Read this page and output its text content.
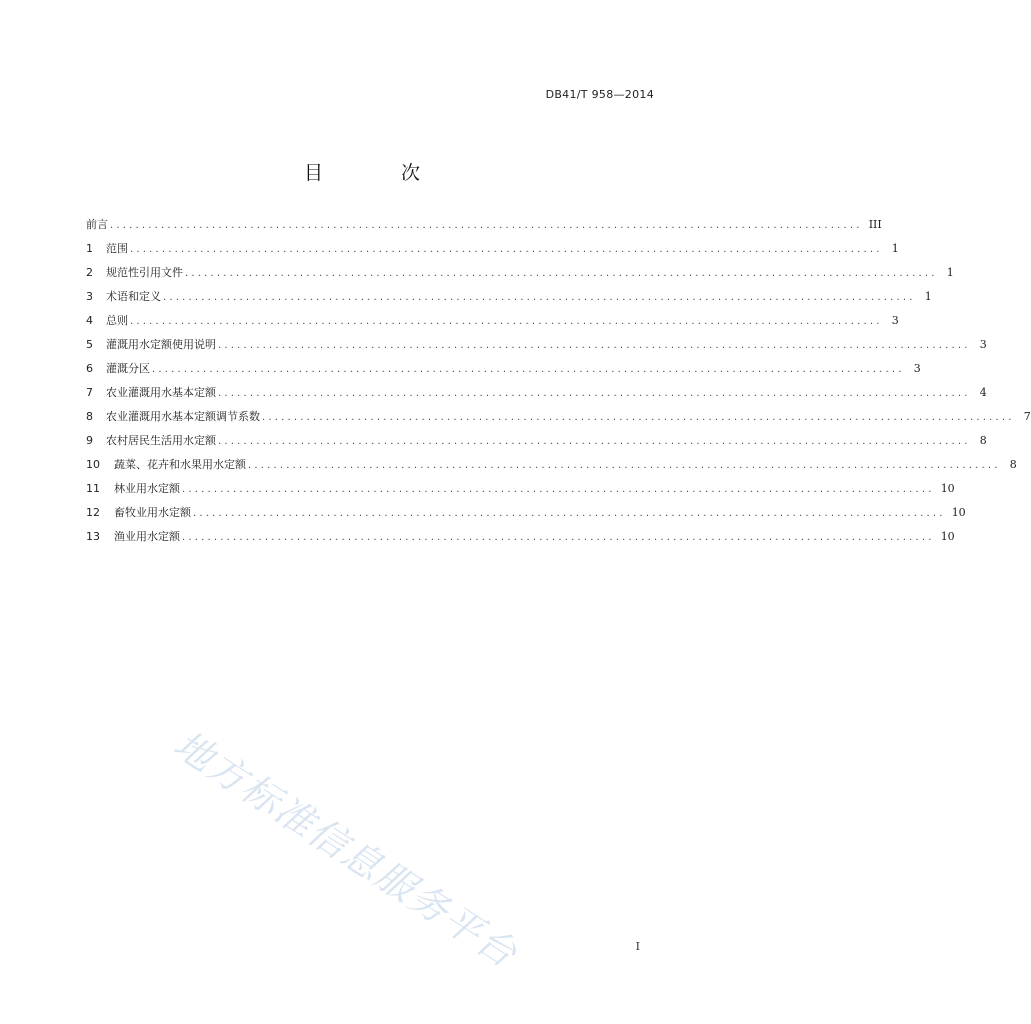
DB41/T 958—2014
目 次
前言 ...................................................................................................................... III
1	范围 ...................................................................................................................... 1
2	规范性引用文件 ...................................................................................................................... 1
3	术语和定义 ...................................................................................................................... 1
4	总则 ...................................................................................................................... 3
5	灌溉用水定额使用说明 ...................................................................................................................... 3
6	灌溉分区 ...................................................................................................................... 3
7	农业灌溉用水基本定额 ...................................................................................................................... 4
8	农业灌溉用水基本定额调节系数 ...................................................................................................................... 7
9	农村居民生活用水定额 ...................................................................................................................... 8
10	蔬菜、花卉和水果用水定额 ...................................................................................................................... 8
11	林业用水定额 ...................................................................................................................... 10
12	畜牧业用水定额 ...................................................................................................................... 10
13	渔业用水定额 ...................................................................................................................... 10
地方标准信息服务平台	I
